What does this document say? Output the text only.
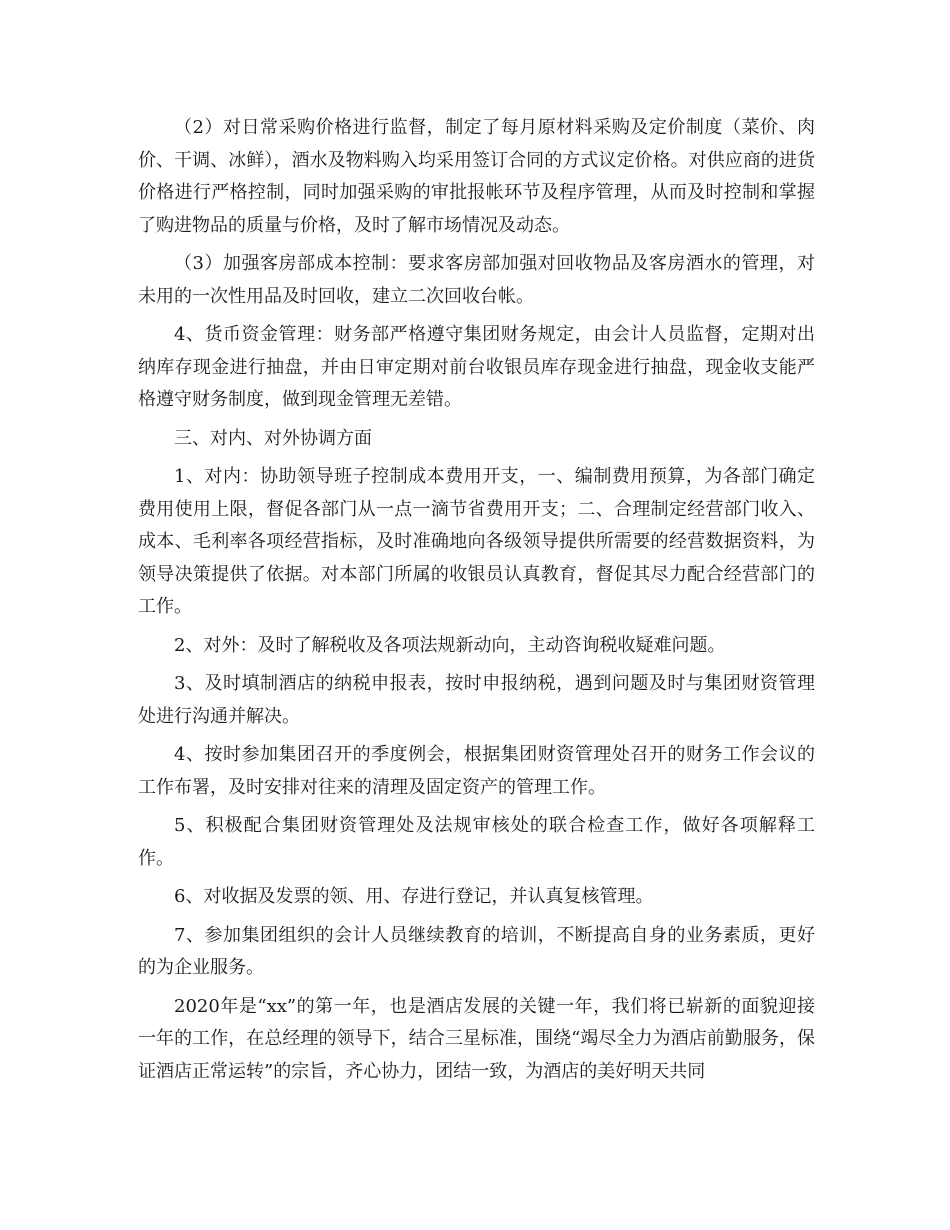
（2）对日常采购价格进行监督，制定了每月原材料采购及定价制度（菜价、肉价、干调、冰鲜），酒水及物料购入均采用签订合同的方式议定价格。对供应商的进货价格进行严格控制，同时加强采购的审批报帐环节及程序管理，从而及时控制和掌握了购进物品的质量与价格，及时了解市场情况及动态。

（3）加强客房部成本控制：要求客房部加强对回收物品及客房酒水的管理，对未用的一次性用品及时回收，建立二次回收台帐。

4、货币资金管理：财务部严格遵守集团财务规定，由会计人员监督，定期对出纳库存现金进行抽盘，并由日审定期对前台收银员库存现金进行抽盘，现金收支能严格遵守财务制度，做到现金管理无差错。

三、对内、对外协调方面

1、对内：协助领导班子控制成本费用开支，一、编制费用预算，为各部门确定费用使用上限，督促各部门从一点一滴节省费用开支；二、合理制定经营部门收入、成本、毛利率各项经营指标，及时准确地向各级领导提供所需要的经营数据资料，为领导决策提供了依据。对本部门所属的收银员认真教育，督促其尽力配合经营部门的工作。

2、对外：及时了解税收及各项法规新动向，主动咨询税收疑难问题。

3、及时填制酒店的纳税申报表，按时申报纳税，遇到问题及时与集团财资管理处进行沟通并解决。

4、按时参加集团召开的季度例会，根据集团财资管理处召开的财务工作会议的工作布署，及时安排对往来的清理及固定资产的管理工作。

5、积极配合集团财资管理处及法规审核处的联合检查工作，做好各项解释工作。

6、对收据及发票的领、用、存进行登记，并认真复核管理。

7、参加集团组织的会计人员继续教育的培训，不断提高自身的业务素质，更好的为企业服务。

2020年是“xx”的第一年，也是酒店发展的关键一年，我们将已崭新的面貌迎接一年的工作，在总经理的领导下，结合三星标准，围绕“竭尽全力为酒店前勤服务，保证酒店正常运转”的宗旨，齐心协力，团结一致，为酒店的美好明天共同
